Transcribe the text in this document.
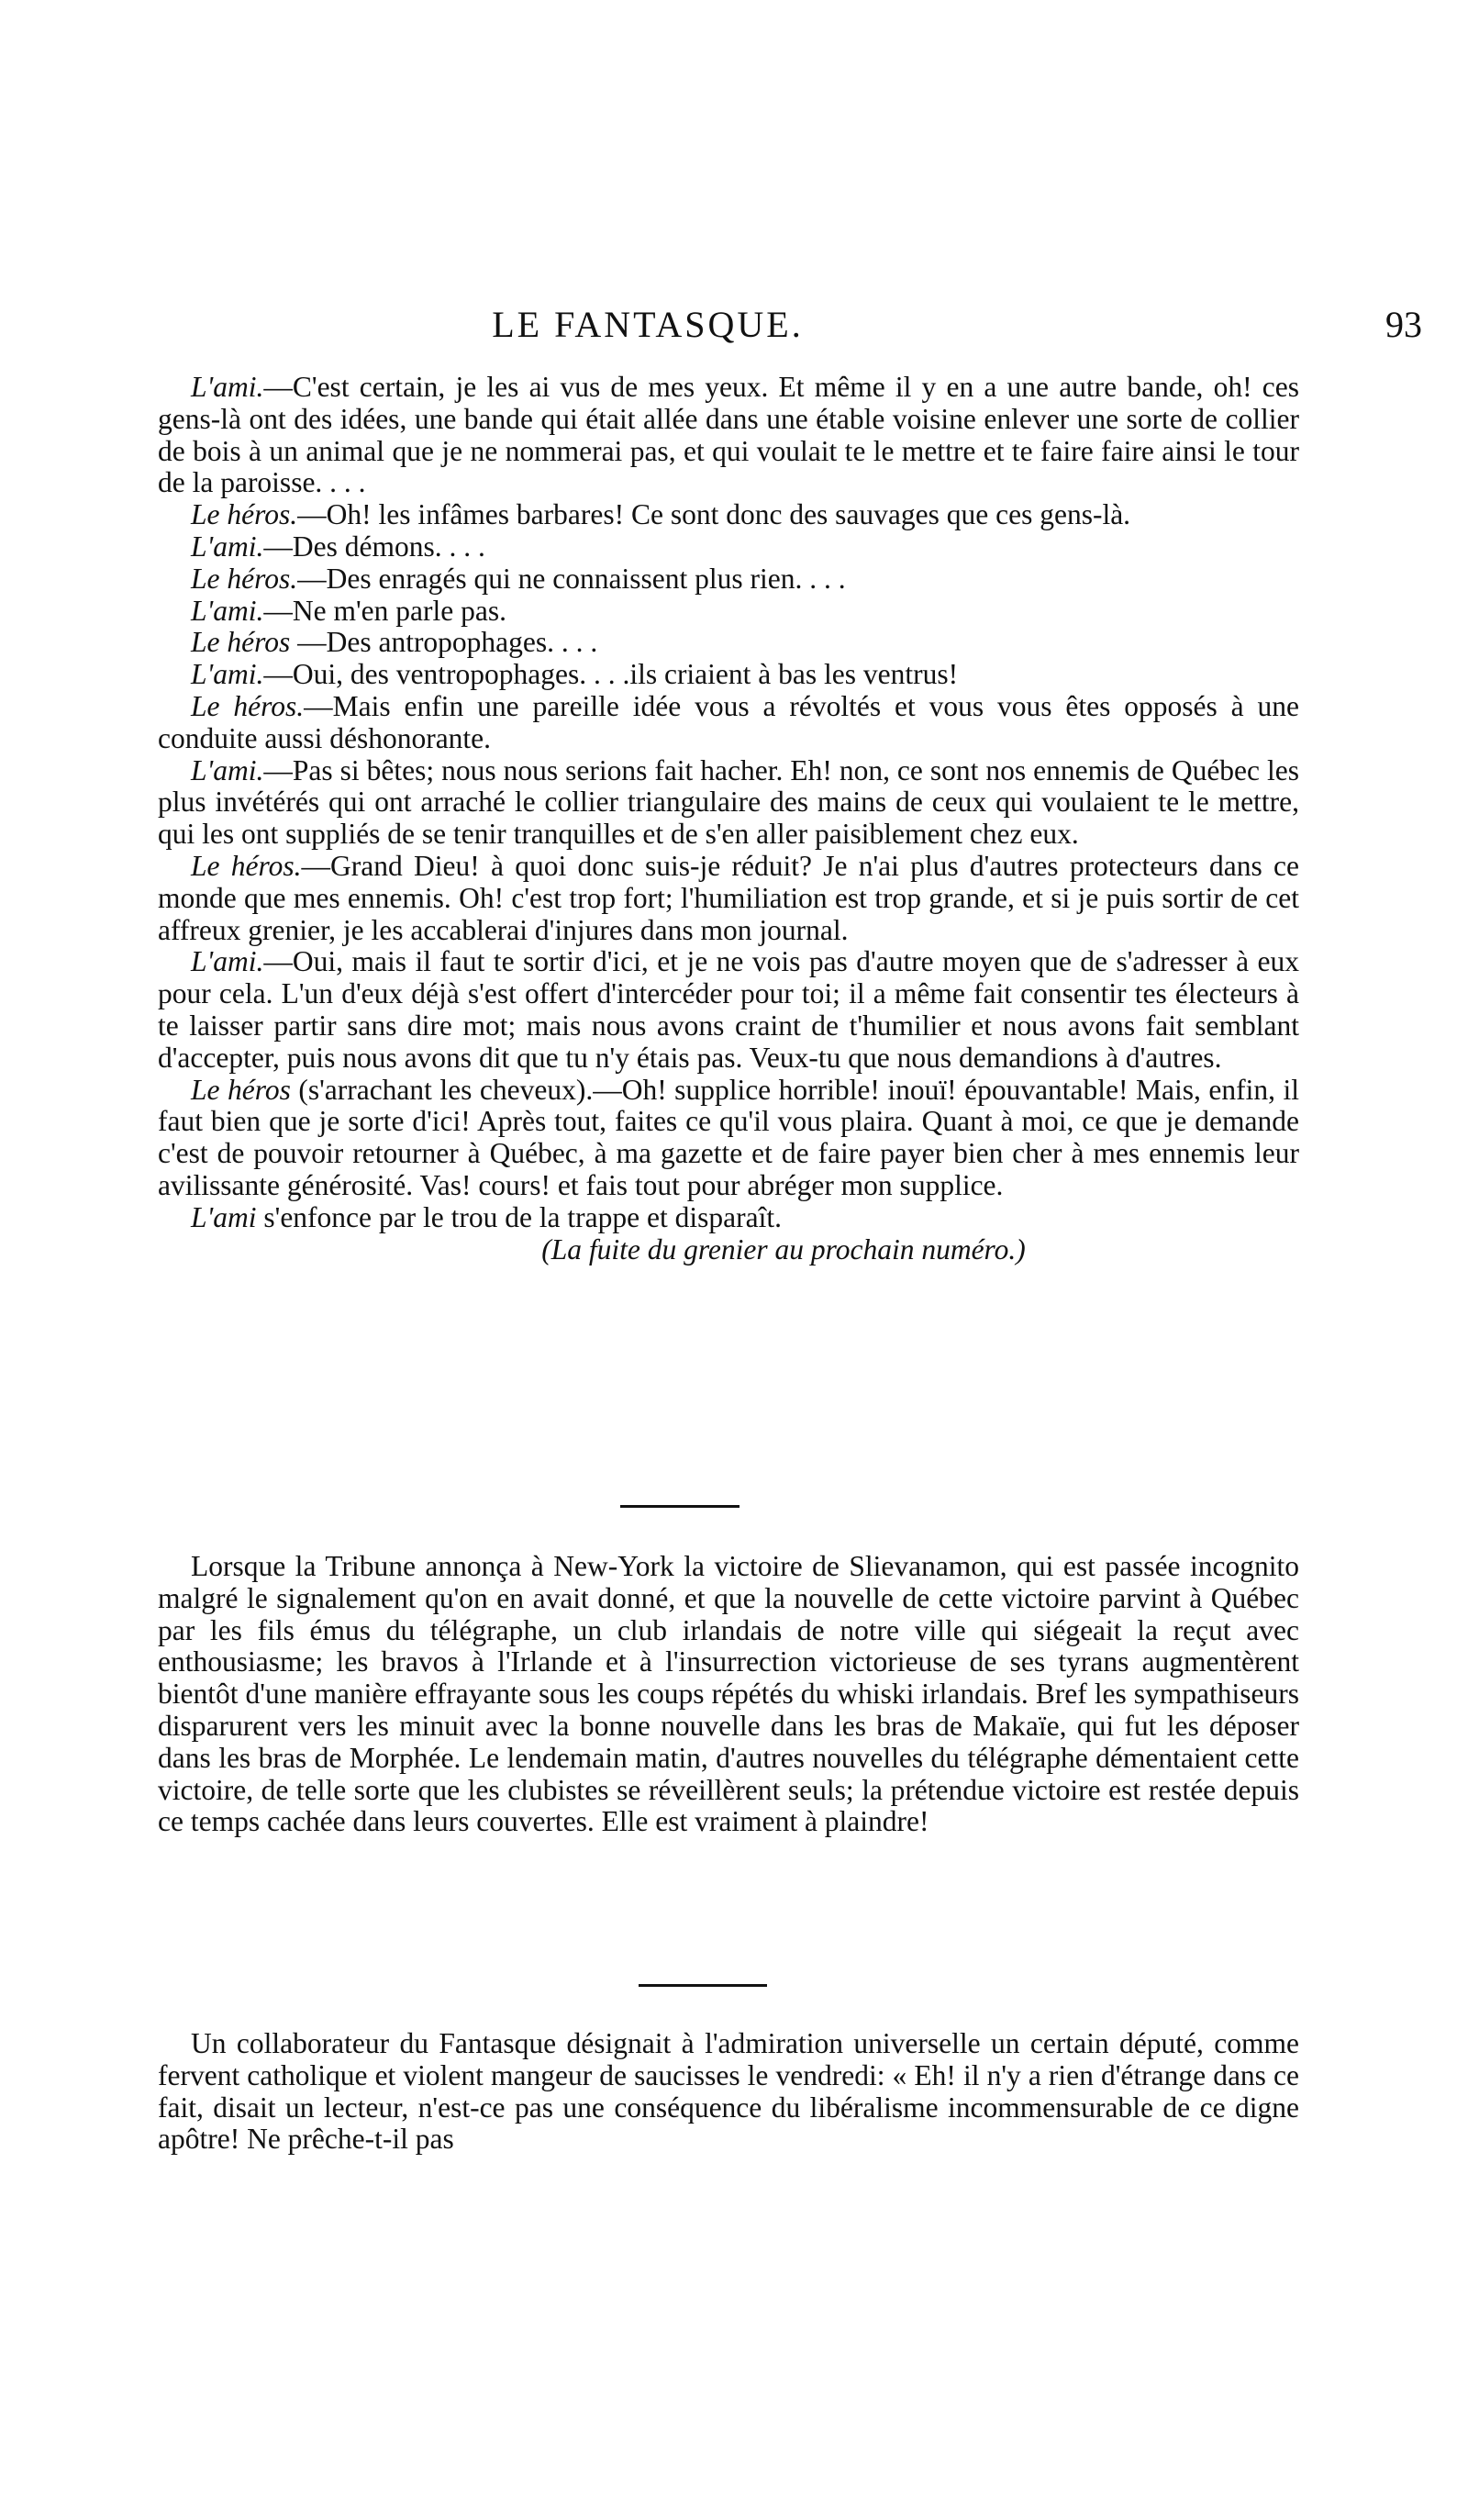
LE FANTASQUE.	93

L'ami.—C'est certain, je les ai vus de mes yeux. Et même il y en a une autre bande, oh! ces gens-là ont des idées, une bande qui était allée dans une étable voisine enlever une sorte de collier de bois à un animal que je ne nommerai pas, et qui voulait te le mettre et te faire faire ainsi le tour de la paroisse. . . .

Le héros.—Oh! les infâmes barbares! Ce sont donc des sauvages que ces gens-là.

L'ami.—Des démons. . . .

Le héros.—Des enragés qui ne connaissent plus rien. . . .

L'ami.—Ne m'en parle pas.

Le héros —Des antropophages. . . .

L'ami.—Oui, des ventropophages. . . .ils criaient à bas les ventrus!

Le héros.—Mais enfin une pareille idée vous a révoltés et vous vous êtes opposés à une conduite aussi déshonorante.

L'ami.—Pas si bêtes; nous nous serions fait hacher. Eh! non, ce sont nos ennemis de Québec les plus invétérés qui ont arraché le collier triangulaire des mains de ceux qui voulaient te le mettre, qui les ont suppliés de se tenir tranquilles et de s'en aller paisiblement chez eux.

Le héros.—Grand Dieu! à quoi donc suis-je réduit? Je n'ai plus d'autres protecteurs dans ce monde que mes ennemis. Oh! c'est trop fort; l'humiliation est trop grande, et si je puis sortir de cet affreux grenier, je les accablerai d'injures dans mon journal.

L'ami.—Oui, mais il faut te sortir d'ici, et je ne vois pas d'autre moyen que de s'adresser à eux pour cela. L'un d'eux déjà s'est offert d'intercéder pour toi; il a même fait consentir tes électeurs à te laisser partir sans dire mot; mais nous avons craint de t'humilier et nous avons fait semblant d'accepter, puis nous avons dit que tu n'y étais pas. Veux-tu que nous demandions à d'autres.

Le héros (s'arrachant les cheveux).—Oh! supplice horrible! inouï! épouvantable! Mais, enfin, il faut bien que je sorte d'ici! Après tout, faites ce qu'il vous plaira. Quant à moi, ce que je demande c'est de pouvoir retourner à Québec, à ma gazette et de faire payer bien cher à mes ennemis leur avilissante générosité. Vas! cours! et fais tout pour abréger mon supplice.

L'ami s'enfonce par le trou de la trappe et disparaît.

(La fuite du grenier au prochain numéro.)

Lorsque la Tribune annonça à New-York la victoire de Slievanamon, qui est passée incognito malgré le signalement qu'on en avait donné, et que la nouvelle de cette victoire parvint à Québec par les fils émus du télégraphe, un club irlandais de notre ville qui siégeait la reçut avec enthousiasme; les bravos à l'Irlande et à l'insurrection victorieuse de ses tyrans augmentèrent bientôt d'une manière effrayante sous les coups répétés du whiski irlandais. Bref les sympathiseurs disparurent vers les minuit avec la bonne nouvelle dans les bras de Makaïe, qui fut les déposer dans les bras de Morphée. Le lendemain matin, d'autres nouvelles du télégraphe démentaient cette victoire, de telle sorte que les clubistes se réveillèrent seuls; la prétendue victoire est restée depuis ce temps cachée dans leurs couvertes. Elle est vraiment à plaindre!

Un collaborateur du Fantasque désignait à l'admiration universelle un certain député, comme fervent catholique et violent mangeur de saucisses le vendredi: « Eh! il n'y a rien d'étrange dans ce fait, disait un lecteur, n'est-ce pas une conséquence du libéralisme incommensurable de ce digne apôtre! Ne prêche-t-il pas
